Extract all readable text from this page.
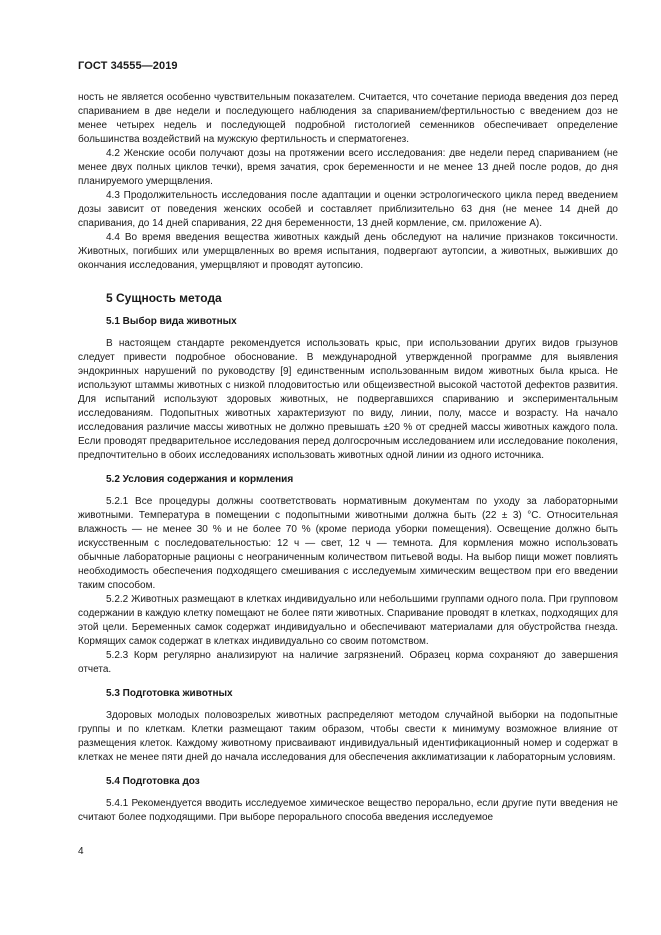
ГОСТ 34555—2019

ность не является особенно чувствительным показателем. Считается, что сочетание периода введения доз перед спариванием в две недели и последующего наблюдения за спариванием/фертильностью с введением доз не менее четырех недель и последующей подробной гистологией семенников обеспечивает определение большинства воздействий на мужскую фертильность и сперматогенез.

4.2 Женские особи получают дозы на протяжении всего исследования: две недели перед спариванием (не менее двух полных циклов течки), время зачатия, срок беременности и не менее 13 дней после родов, до дня планируемого умерщвления.

4.3 Продолжительность исследования после адаптации и оценки эстрологического цикла перед введением дозы зависит от поведения женских особей и составляет приблизительно 63 дня (не менее 14 дней до спаривания, до 14 дней спаривания, 22 дня беременности, 13 дней кормление, см. приложение А).

4.4 Во время введения вещества животных каждый день обследуют на наличие признаков токсичности. Животных, погибших или умерщвленных во время испытания, подвергают аутопсии, а животных, выживших до окончания исследования, умерщвляют и проводят аутопсию.

5 Сущность метода
5.1 Выбор вида животных

В настоящем стандарте рекомендуется использовать крыс, при использовании других видов грызунов следует привести подробное обоснование. В международной утвержденной программе для выявления эндокринных нарушений по руководству [9] единственным использованным видом животных была крыса. Не используют штаммы животных с низкой плодовитостью или общеизвестной высокой частотой дефектов развития. Для испытаний используют здоровых животных, не подвергавшихся спариванию и экспериментальным исследованиям. Подопытных животных характеризуют по виду, линии, полу, массе и возрасту. На начало исследования различие массы животных не должно превышать ±20 % от средней массы животных каждого пола. Если проводят предварительное исследования перед долгосрочным исследованием или исследование поколения, предпочтительно в обоих исследованиях использовать животных одной линии из одного источника.

5.2 Условия содержания и кормления

5.2.1 Все процедуры должны соответствовать нормативным документам по уходу за лабораторными животными. Температура в помещении с подопытными животными должна быть (22 ± 3) °C. Относительная влажность — не менее 30 % и не более 70 % (кроме периода уборки помещения). Освещение должно быть искусственным с последовательностью: 12 ч — свет, 12 ч — темнота. Для кормления можно использовать обычные лабораторные рационы с неограниченным количеством питьевой воды. На выбор пищи может повлиять необходимость обеспечения подходящего смешивания с исследуемым химическим веществом при его введении таким способом.

5.2.2 Животных размещают в клетках индивидуально или небольшими группами одного пола. При групповом содержании в каждую клетку помещают не более пяти животных. Спаривание проводят в клетках, подходящих для этой цели. Беременных самок содержат индивидуально и обеспечивают материалами для обустройства гнезда. Кормящих самок содержат в клетках индивидуально со своим потомством.

5.2.3 Корм регулярно анализируют на наличие загрязнений. Образец корма сохраняют до завершения отчета.

5.3 Подготовка животных

Здоровых молодых половозрелых животных распределяют методом случайной выборки на подопытные группы и по клеткам. Клетки размещают таким образом, чтобы свести к минимуму возможное влияние от размещения клеток. Каждому животному присваивают индивидуальный идентификационный номер и содержат в клетках не менее пяти дней до начала исследования для обеспечения акклиматизации к лабораторным условиям.

5.4 Подготовка доз

5.4.1 Рекомендуется вводить исследуемое химическое вещество перорально, если другие пути введения не считают более подходящими. При выборе перорального способа введения исследуемое

4
